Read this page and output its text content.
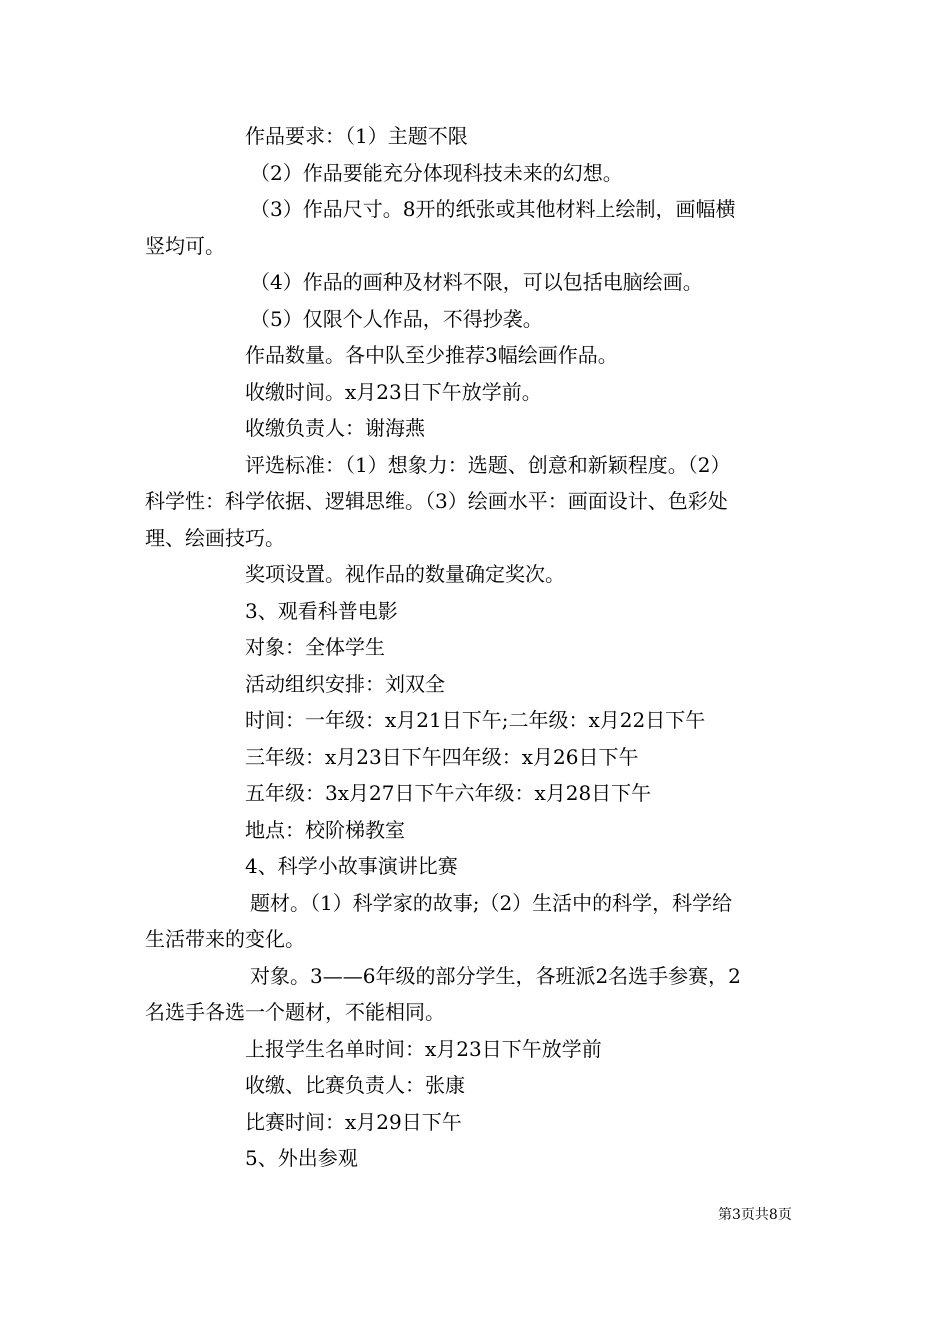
作品要求：（1）主题不限
（2）作品要能充分体现科技未来的幻想。
（3）作品尺寸。8开的纸张或其他材料上绘制，画幅横
竖均可。
（4）作品的画种及材料不限，可以包括电脑绘画。
（5）仅限个人作品，不得抄袭。
作品数量。各中队至少推荐3幅绘画作品。
收缴时间。x月23日下午放学前。
收缴负责人：谢海燕
评选标准：（1）想象力：选题、创意和新颖程度。（2）
科学性：科学依据、逻辑思维。（3）绘画水平：画面设计、色彩处
理、绘画技巧。
奖项设置。视作品的数量确定奖次。
3、观看科普电影
对象：全体学生
活动组织安排：刘双全
时间：一年级：x月21日下午;二年级：x月22日下午
三年级：x月23日下午四年级：x月26日下午
五年级：3x月27日下午六年级：x月28日下午
地点：校阶梯教室
4、科学小故事演讲比赛
题材。（1）科学家的故事;（2）生活中的科学，科学给
生活带来的变化。
对象。3——6年级的部分学生，各班派2名选手参赛，2
名选手各选一个题材，不能相同。
上报学生名单时间：x月23日下午放学前
收缴、比赛负责人：张康
比赛时间：x月29日下午
5、外出参观
第3页共8页
